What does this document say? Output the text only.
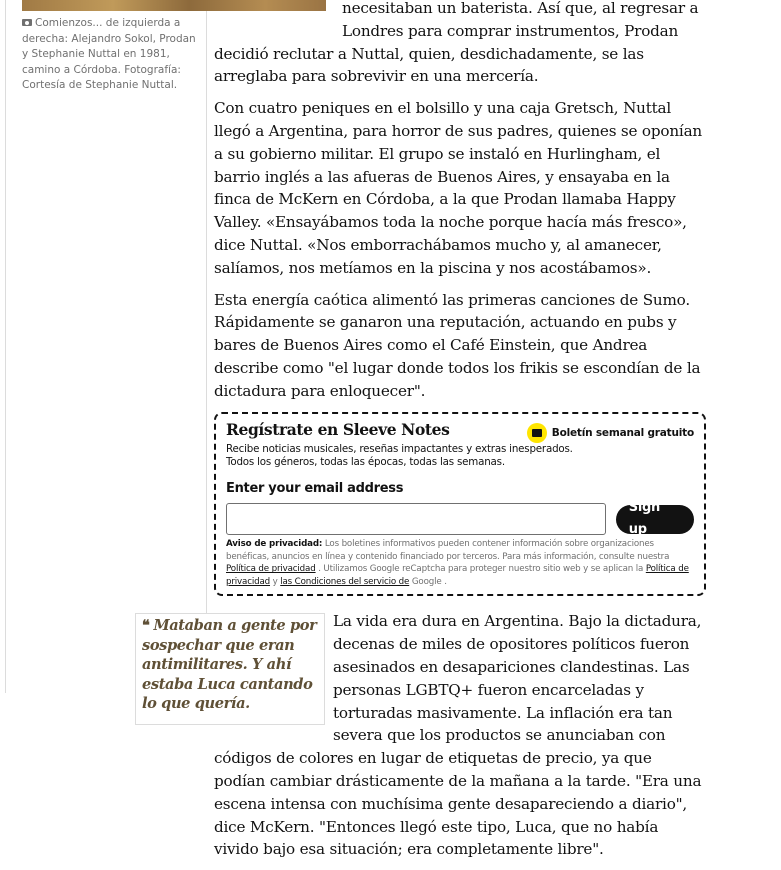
Comienzos... de izquierda a derecha: Alejandro Sokol, Prodan y Stephanie Nuttal en 1981, camino a Córdoba. Fotografía: Cortesía de Stephanie Nuttal.

necesitaban un baterista. Así que, al regresar a Londres para comprar instrumentos, Prodan decidió reclutar a Nuttal, quien, desdichadamente, se las arreglaba para sobrevivir en una mercería.

Con cuatro peniques en el bolsillo y una caja Gretsch, Nuttal llegó a Argentina, para horror de sus padres, quienes se oponían a su gobierno militar. El grupo se instaló en Hurlingham, el barrio inglés a las afueras de Buenos Aires, y ensayaba en la finca de McKern en Córdoba, a la que Prodan llamaba Happy Valley. «Ensayábamos toda la noche porque hacía más fresco», dice Nuttal. «Nos emborrachábamos mucho y, al amanecer, salíamos, nos metíamos en la piscina y nos acostábamos».

Esta energía caótica alimentó las primeras canciones de Sumo. Rápidamente se ganaron una reputación, actuando en pubs y bares de Buenos Aires como el Café Einstein, que Andrea describe como "el lugar donde todos los frikis se escondían de la dictadura para enloquecer".

Regístrate en Sleeve Notes	Boletín semanal gratuito
Recibe noticias musicales, reseñas impactantes y extras inesperados.
Todos los géneros, todas las épocas, todas las semanas.
Enter your email address
Sign up
Aviso de privacidad: Los boletines informativos pueden contener información sobre organizaciones benéficas, anuncios en línea y contenido financiado por terceros. Para más información, consulte nuestra Política de privacidad . Utilizamos Google reCaptcha para proteger nuestro sitio web y se aplican la Política de privacidad y las Condiciones del servicio de Google .

❝ Mataban a gente por sospechar que eran antimilitares. Y ahí estaba Luca cantando lo que quería.
La vida era dura en Argentina. Bajo la dictadura, decenas de miles de opositores políticos fueron asesinados en desapariciones clandestinas. Las personas LGBTQ+ fueron encarceladas y torturadas masivamente. La inflación era tan severa que los productos se anunciaban con códigos de colores en lugar de etiquetas de precio, ya que podían cambiar drásticamente de la mañana a la tarde. "Era una escena intensa con muchísima gente desapareciendo a diario", dice McKern. "Entonces llegó este tipo, Luca, que no había vivido bajo esa situación; era completamente libre".
